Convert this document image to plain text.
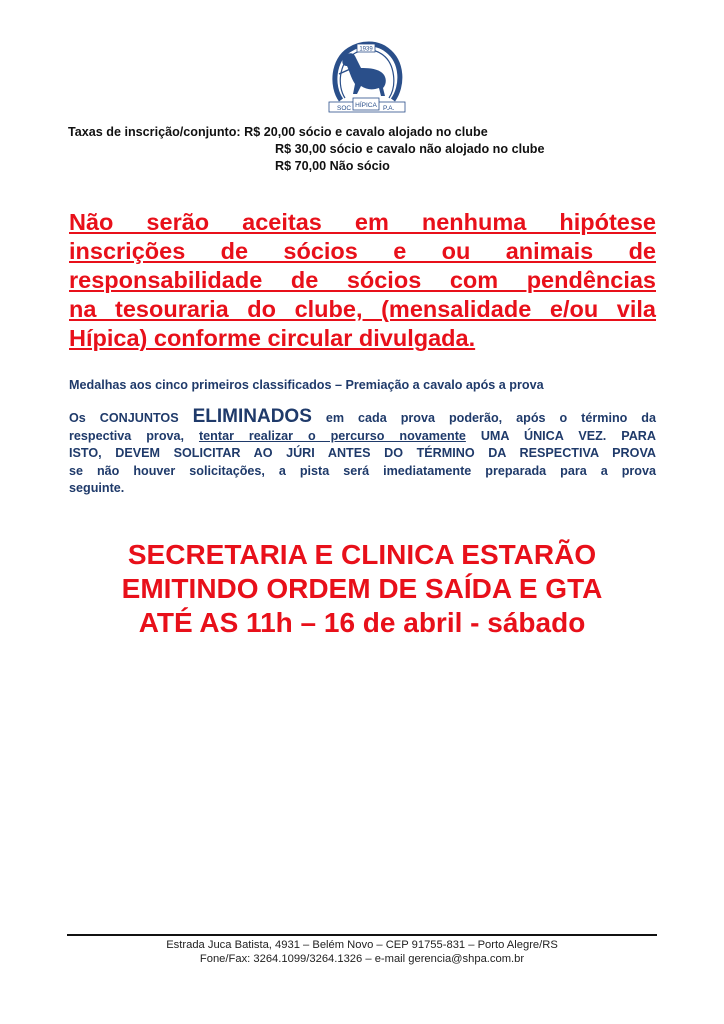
1939
SOC HÍPICA P.A.
Taxas de inscrição/conjunto: R$ 20,00 sócio e cavalo alojado no clube
R$ 30,00 sócio e cavalo não alojado no clube
R$ 70,00 Não sócio
Não serão aceitas em nenhuma hipótese
inscrições de sócios e ou animais de
responsabilidade de sócios com pendências
na tesouraria do clube, (mensalidade e/ou vila
Hípica) conforme circular divulgada.
Medalhas aos cinco primeiros classificados – Premiação a cavalo após a prova
Os CONJUNTOS ELIMINADOS em cada prova poderão, após o término da
respectiva prova, tentar realizar o percurso novamente UMA ÚNICA VEZ. PARA
ISTO, DEVEM SOLICITAR AO JÚRI ANTES DO TÉRMINO DA RESPECTIVA PROVA
se não houver solicitações, a pista será imediatamente preparada para a prova
seguinte.
SECRETARIA E CLINICA ESTARÃO
EMITINDO ORDEM DE SAÍDA E GTA
ATÉ AS 11h – 16 de abril - sábado
Estrada Juca Batista, 4931 – Belém Novo – CEP 91755-831 – Porto Alegre/RS
Fone/Fax: 3264.1099/3264.1326 – e-mail gerencia@shpa.com.br
